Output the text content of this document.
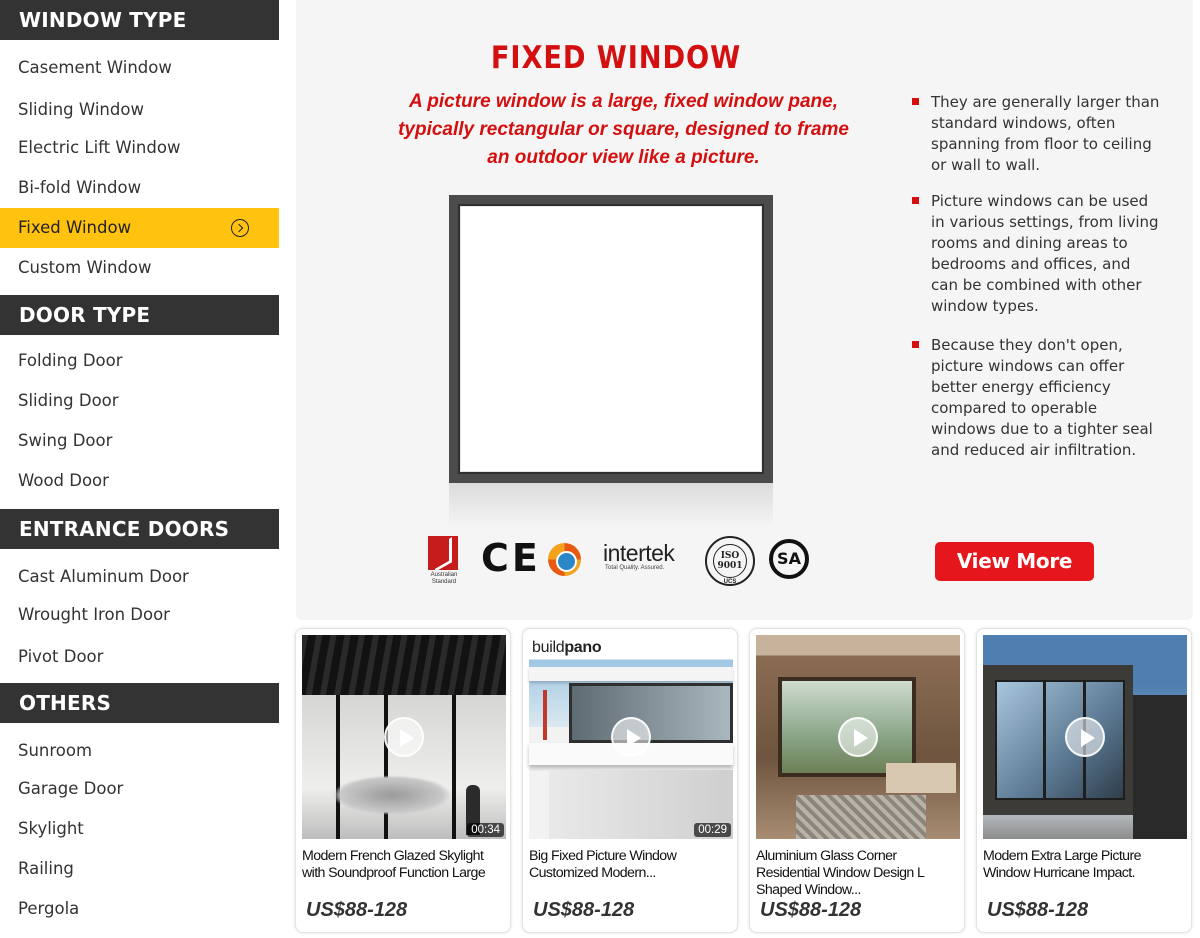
WINDOW TYPE
Casement Window
Sliding Window
Electric Lift Window
Bi-fold Window
Fixed Window
Custom Window
DOOR TYPE
Folding Door
Sliding Door
Swing Door
Wood Door
ENTRANCE DOORS
Cast Aluminum Door
Wrought Iron Door
Pivot Door
OTHERS
Sunroom
Garage Door
Skylight
Railing
Pergola
FIXED WINDOW
A picture window is a large, fixed window pane, typically rectangular or square, designed to frame an outdoor view like a picture.
They are generally larger than standard windows, often spanning from floor to ceiling or wall to wall.
Picture windows can be used in various settings, from living rooms and dining areas to bedrooms and offices, and can be combined with other window types.
Because they don't open, picture windows can offer better energy efficiency compared to operable windows due to a tighter seal and reduced air infiltration.
Australian Standard
CE	intertek
Total Quality. Assured.
ISO
9001
UCS
SA	View More
00:34
Modern French Glazed Skylight with Soundproof Function Large
US$88-128
buildpano
00:29
Big Fixed Picture Window Customized Modern...
US$88-128
Aluminium Glass Corner Residential Window Design L Shaped Window...
US$88-128
Modern Extra Large Picture Window Hurricane Impact.
US$88-128
